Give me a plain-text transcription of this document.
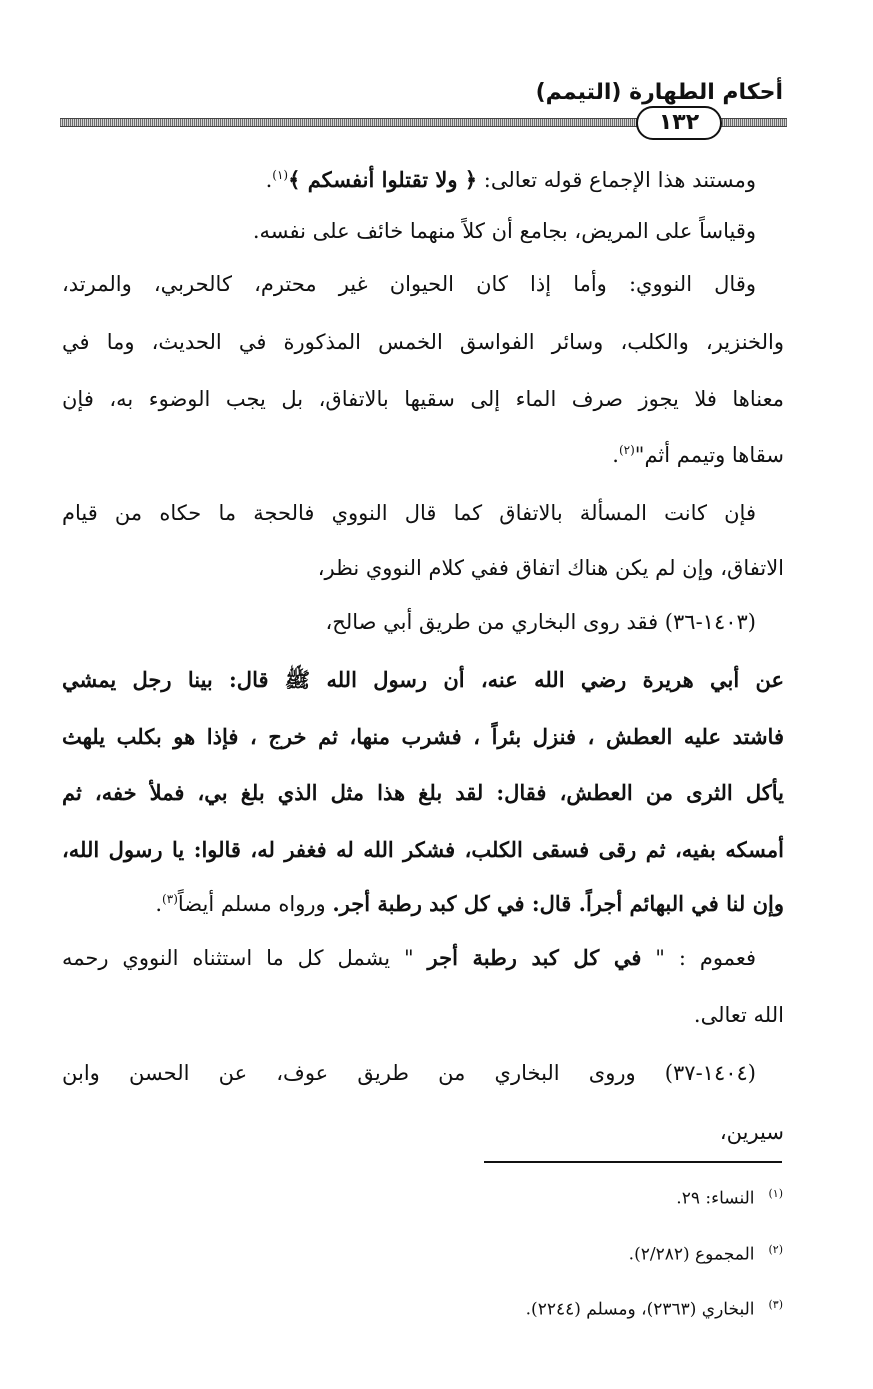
أحكام الطهارة (التيمم)
١٣٢
ومستند هذا الإجماع قوله تعالى: ﴿ ولا تقتلوا أنفسكم ﴾$^{(١)}$.
وقياساً على المريض، بجامع أن كلاً منهما خائف على نفسه.
وقال النووي: وأما إذا كان الحيوان غير محترم، كالحربي، والمرتد،
والخنزير، والكلب، وسائر الفواسق الخمس المذكورة في الحديث، وما في
معناها فلا يجوز صرف الماء إلى سقيها بالاتفاق، بل يجب الوضوء به، فإن
سقاها وتيمم أثم"$^{(٢)}$.
فإن كانت المسألة بالاتفاق كما قال النووي فالحجة ما حكاه من قيام
الاتفاق، وإن لم يكن هناك اتفاق ففي كلام النووي نظر،
(١٤٠٣-٣٦) فقد روى البخاري من طريق أبي صالح،
عن أبي هريرة رضي الله عنه، أن رسول الله ﷺ قال: بينا رجل يمشي
فاشتد عليه العطش ، فنزل بئراً ، فشرب منها، ثم خرج ، فإذا هو بكلب يلهث
يأكل الثرى من العطش، فقال: لقد بلغ هذا مثل الذي بلغ بي، فملأ خفه، ثم
أمسكه بفيه، ثم رقى فسقى الكلب، فشكر الله له فغفر له، قالوا: يا رسول الله،
وإن لنا في البهائم أجراً. قال: في كل كبد رطبة أجر. ورواه مسلم أيضاً$^{(٣)}$.
فعموم : " في كل كبد رطبة أجر " يشمل كل ما استثناه النووي رحمه
الله تعالى.
(١٤٠٤-٣٧) وروى البخاري من طريق عوف، عن الحسن وابن
سيرين،
$^{(١)}$النساء: ٢٩.
$^{(٢)}$المجموع (٢/٢٨٢).
$^{(٣)}$البخاري (٢٣٦٣)، ومسلم (٢٢٤٤).
